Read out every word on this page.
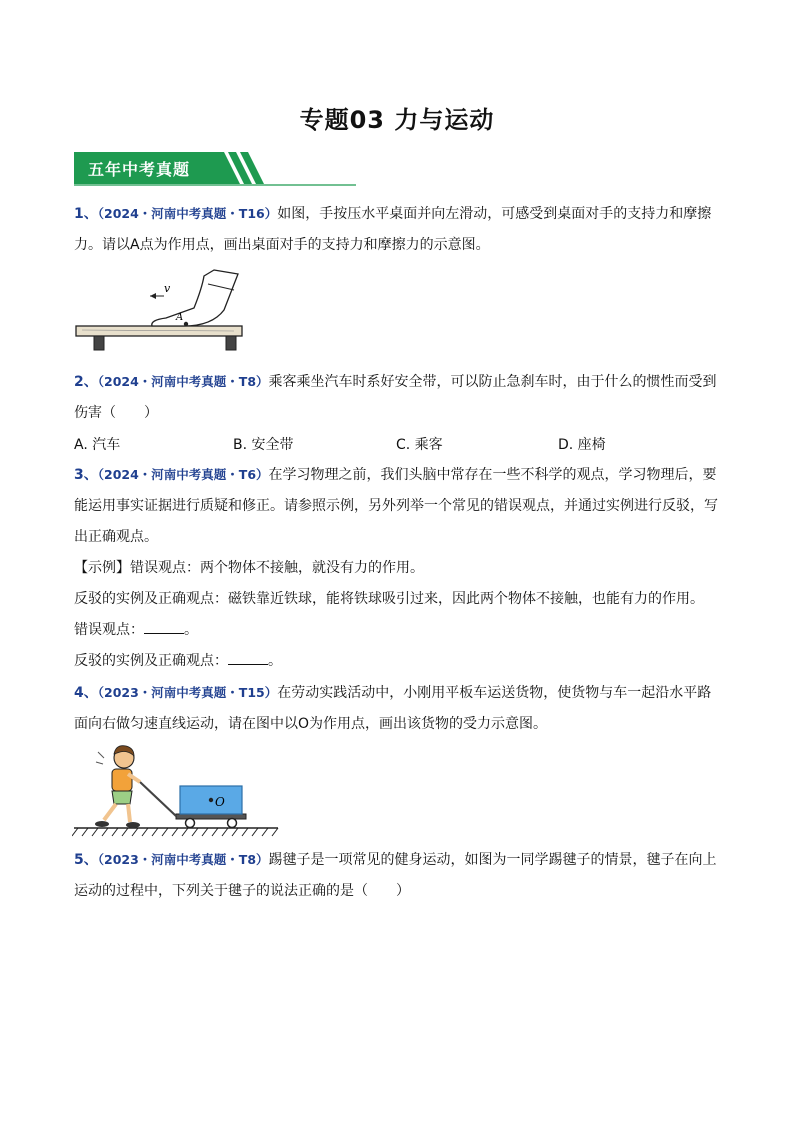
专题03 力与运动
五年中考真题
1、（2024・河南中考真题・T16）如图，手按压水平桌面并向左滑动，可感受到桌面对手的支持力和摩擦
力。请以A点为作用点，画出桌面对手的支持力和摩擦力的示意图。
v
A
2、（2024・河南中考真题・T8）乘客乘坐汽车时系好安全带，可以防止急刹车时，由于什么的惯性而受到
伤害（　　）
A. 汽车	B. 安全带	C. 乘客	D. 座椅
3、（2024・河南中考真题・T6）在学习物理之前，我们头脑中常存在一些不科学的观点，学习物理后，要
能运用事实证据进行质疑和修正。请参照示例，另外列举一个常见的错误观点，并通过实例进行反驳，写
出正确观点。
【示例】错误观点：两个物体不接触，就没有力的作用。
反驳的实例及正确观点：磁铁靠近铁球，能将铁球吸引过来，因此两个物体不接触，也能有力的作用。
错误观点：	。
反驳的实例及正确观点：	。
4、（2023・河南中考真题・T15）在劳动实践活动中，小刚用平板车运送货物，使货物与车一起沿水平路
面向右做匀速直线运动，请在图中以O为作用点，画出该货物的受力示意图。
O
5、（2023・河南中考真题・T8）踢毽子是一项常见的健身运动，如图为一同学踢毽子的情景，毽子在向上
运动的过程中，下列关于毽子的说法正确的是（　　）
